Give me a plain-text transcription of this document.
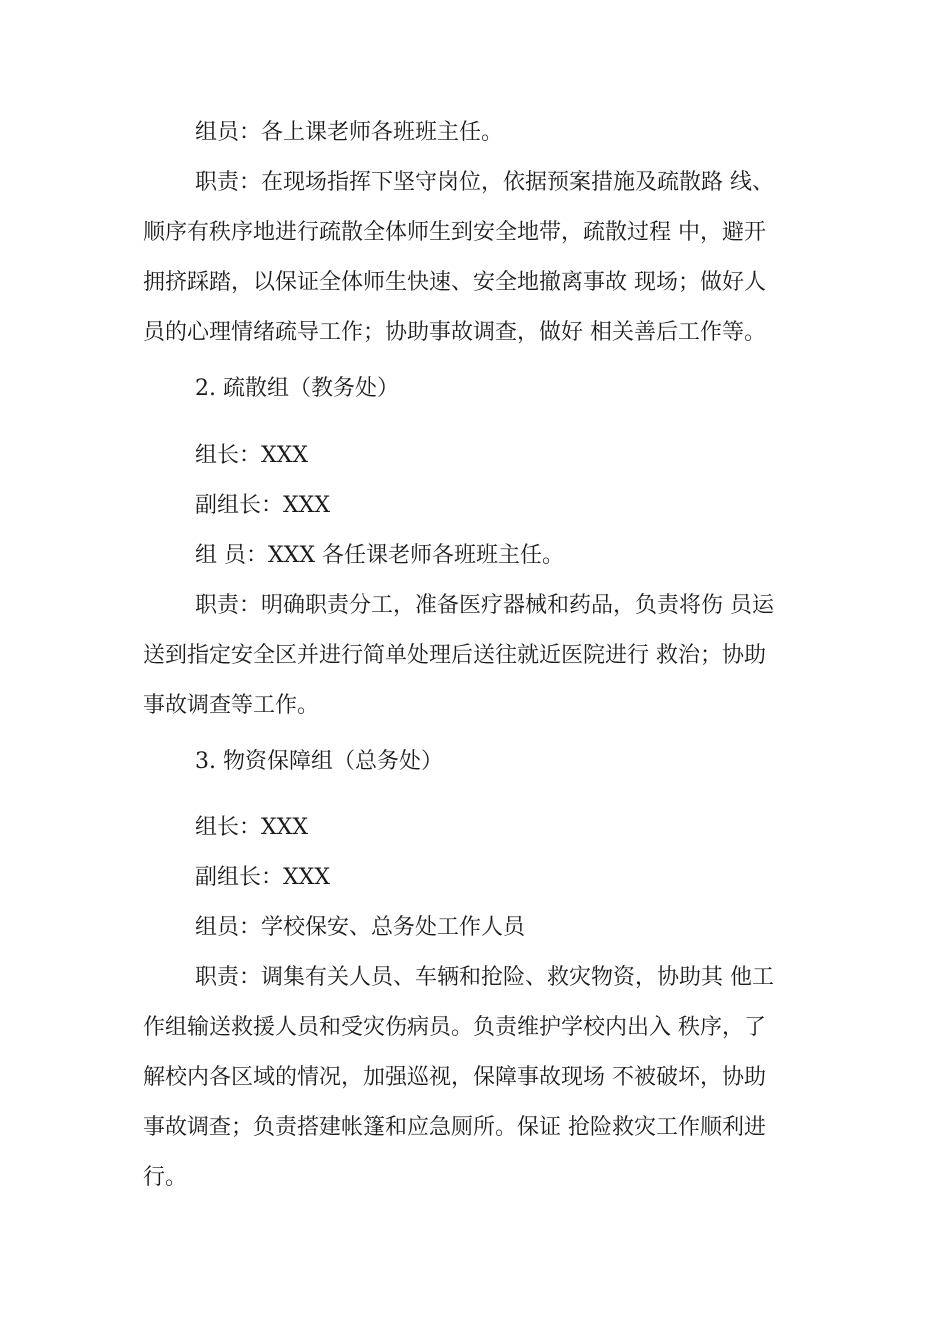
组员：各上课老师各班班主任。
职责：在现场指挥下坚守岗位，依据预案措施及疏散路 线、
顺序有秩序地进行疏散全体师生到安全地带，疏散过程 中，避开
拥挤踩踏，以保证全体师生快速、安全地撤离事故 现场；做好人
员的心理情绪疏导工作；协助事故调查，做好 相关善后工作等。
2. 疏散组（教务处）
组长：XXX
副组长：XXX
组 员：XXX 各任课老师各班班主任。
职责：明确职责分工，准备医疗器械和药品，负责将伤 员运
送到指定安全区并进行简单处理后送往就近医院进行 救治；协助
事故调查等工作。
3. 物资保障组（总务处）
组长：XXX
副组长：XXX
组员：学校保安、总务处工作人员
职责：调集有关人员、车辆和抢险、救灾物资，协助其 他工
作组输送救援人员和受灾伤病员。负责维护学校内出入 秩序，了
解校内各区域的情况，加强巡视，保障事故现场 不被破坏，协助
事故调查；负责搭建帐篷和应急厕所。保证 抢险救灾工作顺利进
行。
